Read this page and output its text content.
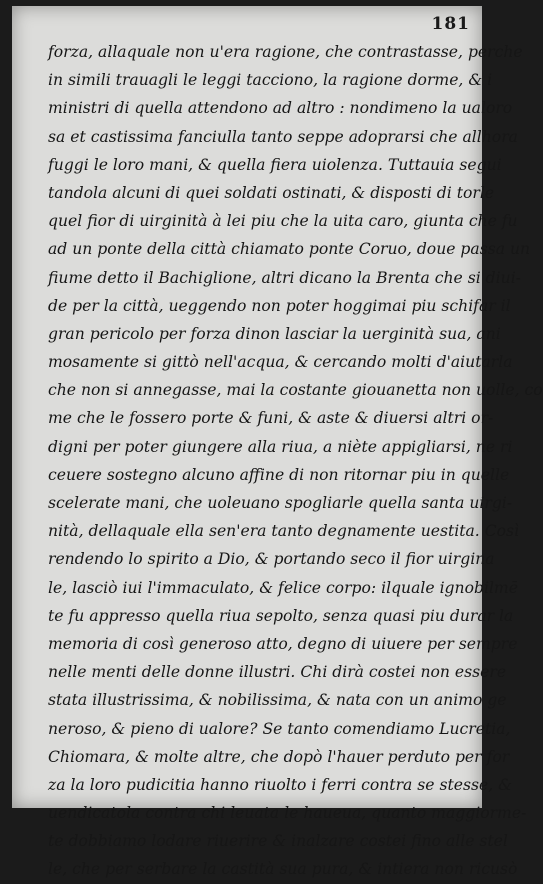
181
forza, allaquale non u'era ragione, che contrastasse, perche
in simili trauagli le leggi tacciono, la ragione dorme, & i
ministri di quella attendono ad altro : nondimeno la ualoro
sa et castissima fanciulla tanto seppe adoprarsi che allhora
fuggi le loro mani, & quella fiera uiolenza. Tuttauia segui
tandola alcuni di quei soldati ostinati, & disposti di torle
quel fior di uirginità à lei piu che la uita caro, giunta che fu
ad un ponte della città chiamato ponte Coruo, doue passa un
fiume detto il Bachiglione, altri dicano la Brenta che si diui-
de per la città, ueggendo non poter hoggimai piu schifar il
gran pericolo per forza dinon lasciar la uerginità sua, ani
mosamente si gittò nell'acqua, & cercando molti d'aiutarla
che non si annegasse, mai la costante giouanetta non uolle, co
me che le fossero porte & funi, & aste & diuersi altri or-
digni per poter giungere alla riua, a niète appigliarsi, ne ri
ceuere sostegno alcuno affine di non ritornar piu in quelle
scelerate mani, che uoleuano spogliarle quella santa uirgi-
nità, dellaquale ella sen'era tanto degnamente uestita. Così
rendendo lo spirito a Dio, & portando seco il fior uirgina
le, lasciò iui l'immaculato, & felice corpo: ilquale ignobilmē
te fu appresso quella riua sepolto, senza quasi piu durar la
memoria di così generoso atto, degno di uiuere per sempre
nelle menti delle donne illustri. Chi dirà costei non essere
stata illustrissima, & nobilissima, & nata con un animo ge
neroso, & pieno di ualore? Se tanto comendiamo Lucretia,
Chiomara, & molte altre, che dopò l'hauer perduto per for
za la loro pudicitia hanno riuolto i ferri contra se stesse, &
uendicatola contra chi leuata le haueua, quanto maggiorme-
te dobbiamo lodare riuerire & inalzare costei fino alle stel
le, che per serbare la castità sua pura, & intiera non ricusò
